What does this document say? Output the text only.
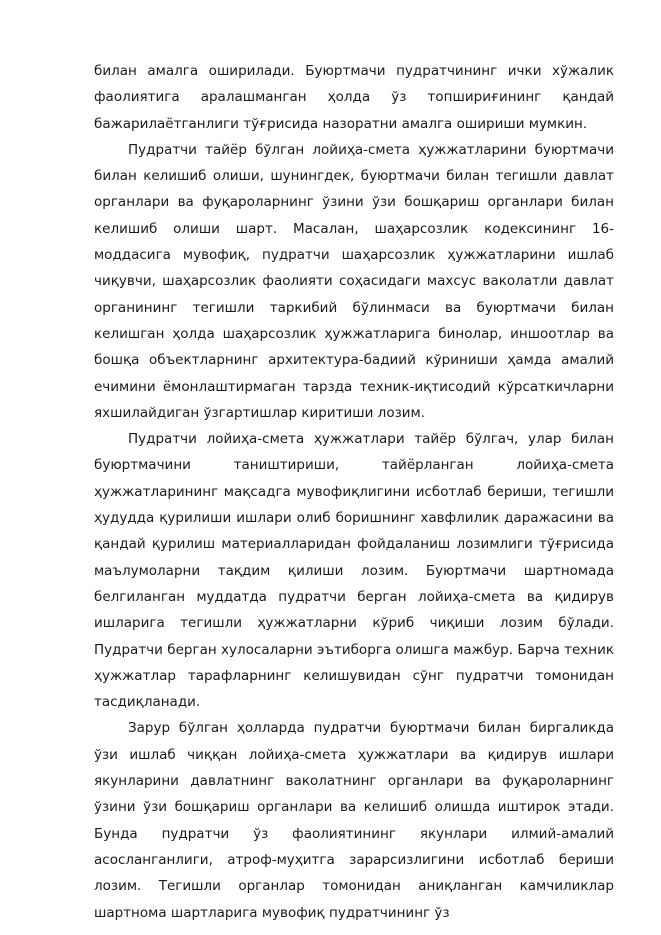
билан амалга оширилади. Буюртмачи пудратчининг ички хўжалик фаолиятига аралашманган ҳолда ўз топшириғининг қандай бажарилаётганлиги тўғрисида назоратни амалга ошириши мумкин.

Пудратчи тайёр бўлган лойиҳа-смета ҳужжатларини буюртмачи билан келишиб олиши, шунингдек, буюртмачи билан тегишли давлат органлари ва фуқароларнинг ўзини ўзи бошқариш органлари билан келишиб олиши шарт. Масалан, шаҳарсозлик кодексининг 16-моддасига мувофиқ, пудратчи шаҳарсозлик ҳужжатларини ишлаб чиқувчи, шаҳарсозлик фаолияти соҳасидаги махсус ваколатли давлат органининг тегишли таркибий бўлинмаси ва буюртмачи билан келишган ҳолда шаҳарсозлик ҳужжатларига бинолар, иншоотлар ва бошқа объектларнинг архитектура-бадиий кўриниши ҳамда амалий ечимини ёмонлаштирмаган тарзда техник-иқтисодий кўрсаткичларни яхшилайдиган ўзгартишлар киритиши лозим.

Пудратчи лойиҳа-смета ҳужжатлари тайёр бўлгач, улар билан буюртмачини таништириши, тайёрланган лойиҳа-смета ҳужжатларининг мақсадга мувофиқлигини исботлаб бериши, тегишли ҳудудда қурилиши ишлари олиб боришнинг хавфлилик даражасини ва қандай қурилиш материалларидан фойдаланиш лозимлиги тўғрисида маълумоларни тақдим қилиши лозим. Буюртмачи шартномада белгиланган муддатда пудратчи берган лойиҳа-смета ва қидирув ишларига тегишли ҳужжатларни кўриб чиқиши лозим бўлади. Пудратчи берган хулосаларни эътиборга олишга мажбур. Барча техник ҳужжатлар тарафларнинг келишувидан сўнг пудратчи томонидан тасдиқланади.

Зарур бўлган ҳолларда пудратчи буюртмачи билан биргаликда ўзи ишлаб чиққан лойиҳа-смета ҳужжатлари ва қидирув ишлари якунларини давлатнинг ваколатнинг органлари ва фуқароларнинг ўзини ўзи бошқариш органлари ва келишиб олишда иштирок этади. Бунда пудратчи ўз фаолиятининг якунлари илмий-амалий асосланганлиги, атроф-муҳитга зарарсизлигини исботлаб бериши лозим. Тегишли органлар томонидан аниқланган камчиликлар шартнома шартларига мувофиқ пудратчининг ўз
